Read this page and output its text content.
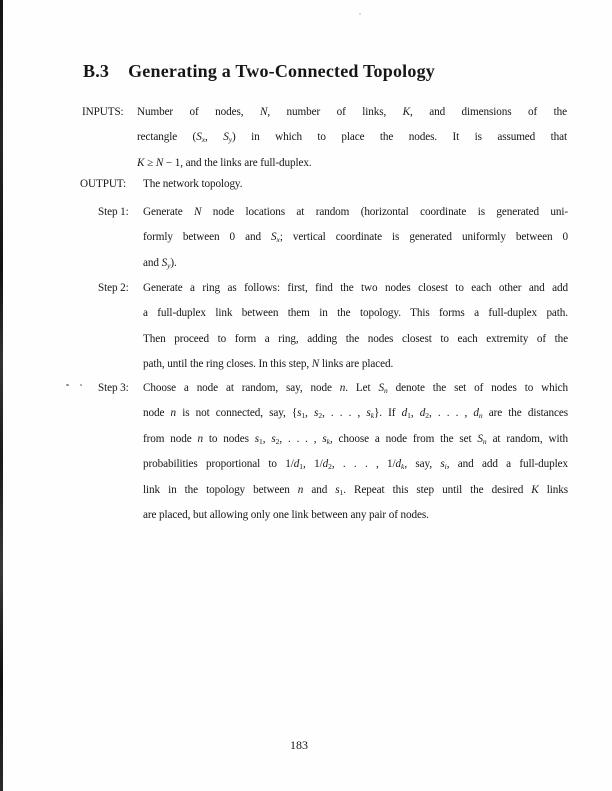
B.3 Generating a Two-Connected Topology
INPUTS: Number of nodes, N, number of links, K, and dimensions of the
rectangle ($S_x$, $S_y$) in which to place the nodes. It is assumed that
K ≥ N − 1, and the links are full-duplex.
OUTPUT: The network topology.
Step 1: Generate N node locations at random (horizontal coordinate is generated uni-
formly between 0 and $S_x$; vertical coordinate is generated uniformly between 0
and $S_y$).
Step 2: Generate a ring as follows: first, find the two nodes closest to each other and add
a full-duplex link between them in the topology. This forms a full-duplex path.
Then proceed to form a ring, adding the nodes closest to each extremity of the
path, until the ring closes. In this step, N links are placed.
Step 3: Choose a node at random, say, node n. Let $S_n$ denote the set of nodes to which
node n is not connected, say, {$s_1$, $s_2$, . . . , $s_k$}. If $d_1$, $d_2$, . . . , $d_n$ are the distances
from node n to nodes $s_1$, $s_2$, . . . , $s_k$, choose a node from the set $S_n$ at random, with
probabilities proportional to $1/d_1$, $1/d_2$, . . . , $1/d_k$, say, $s_i$, and add a full-duplex
link in the topology between n and $s_1$. Repeat this step until the desired K links
are placed, but allowing only one link between any pair of nodes.
183
